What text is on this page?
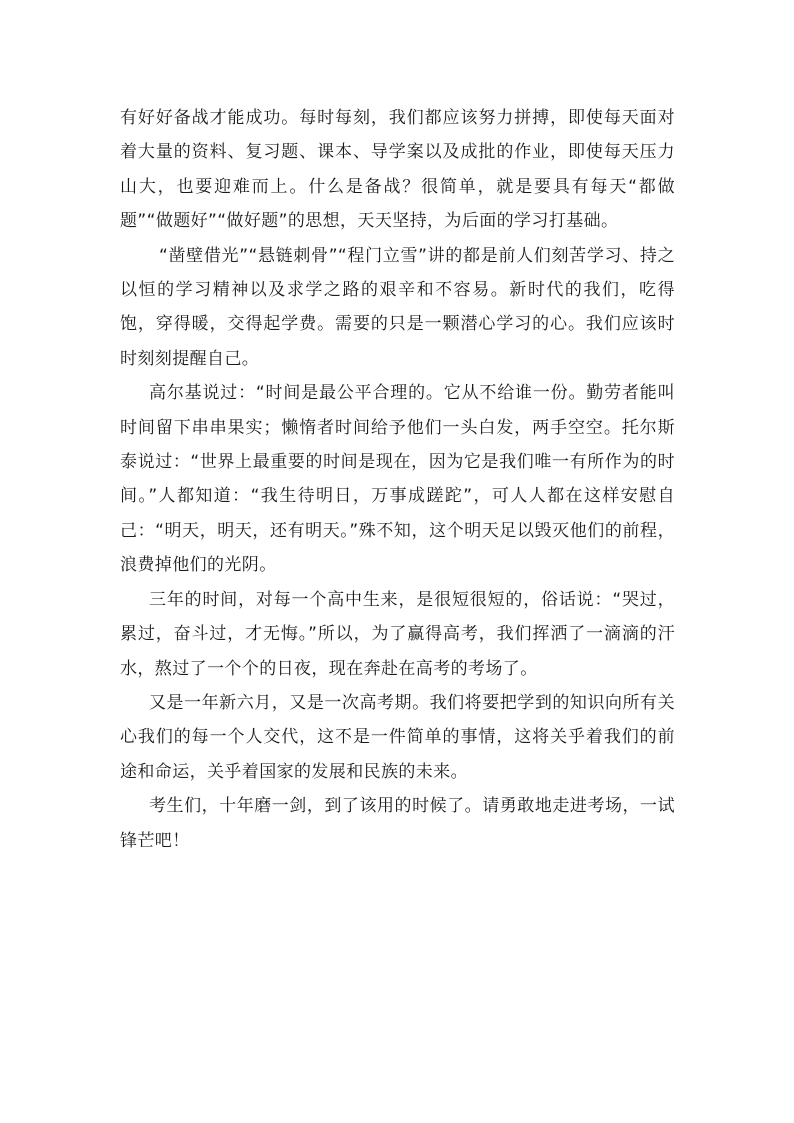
有好好备战才能成功。每时每刻，我们都应该努力拼搏，即使每天面对着大量的资料、复习题、课本、导学案以及成批的作业，即使每天压力山大，也要迎难而上。什么是备战？很简单，就是要具有每天“都做题”“做题好”“做好题”的思想，天天坚持，为后面的学习打基础。

“凿壁借光”“悬链刺骨”“程门立雪”讲的都是前人们刻苦学习、持之以恒的学习精神以及求学之路的艰辛和不容易。新时代的我们，吃得饱，穿得暖，交得起学费。需要的只是一颗潜心学习的心。我们应该时时刻刻提醒自己。

高尔基说过：“时间是最公平合理的。它从不给谁一份。勤劳者能叫时间留下串串果实；懒惰者时间给予他们一头白发，两手空空。托尔斯泰说过：“世界上最重要的时间是现在，因为它是我们唯一有所作为的时间。”人都知道：“我生待明日，万事成蹉跎”，可人人都在这样安慰自己：“明天，明天，还有明天。”殊不知，这个明天足以毁灭他们的前程，浪费掉他们的光阴。

三年的时间，对每一个高中生来，是很短很短的，俗话说：“哭过，累过，奋斗过，才无悔。”所以，为了赢得高考，我们挥洒了一滴滴的汗水，熬过了一个个的日夜，现在奔赴在高考的考场了。

又是一年新六月，又是一次高考期。我们将要把学到的知识向所有关心我们的每一个人交代，这不是一件简单的事情，这将关乎着我们的前途和命运，关乎着国家的发展和民族的未来。

考生们，十年磨一剑，到了该用的时候了。请勇敢地走进考场，一试锋芒吧！
